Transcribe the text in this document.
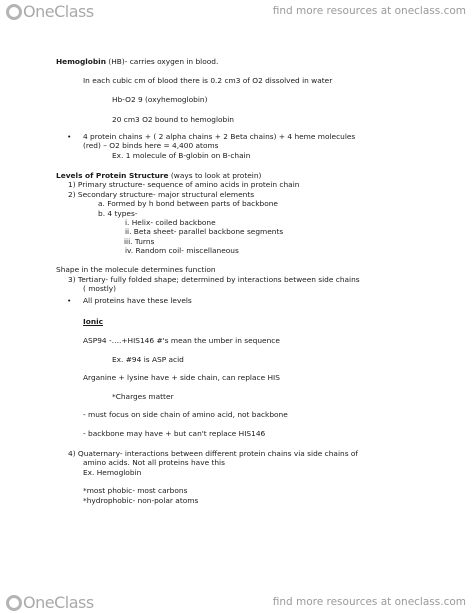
OneClass	find more resources at oneclass.com
Hemoglobin (HB)- carries oxygen in blood.
In each cubic cm of blood there is 0.2 cm3 of O2 dissolved in water
Hb-O2 9 (oxyhemoglobin)
20 cm3 O2 bound to hemoglobin
• 4 protein chains + ( 2 alpha chains + 2 Beta chains) + 4 heme molecules
(red) – O2 binds here = 4,400 atoms
Ex. 1 molecule of B-globin on B-chain
Levels of Protein Structure (ways to look at protein)
1) Primary structure- sequence of amino acids in protein chain
2) Secondary structure- major structural elements
a. Formed by h bond between parts of backbone
b. 4 types-
i. Helix- coiled backbone
ii. Beta sheet- parallel backbone segments
iii. Turns
iv. Random coil- miscellaneous
Shape in the molecule determines function
3) Tertiary- fully folded shape; determined by interactions between side chains
( mostly)
• All proteins have these levels
Ionic
ASP94 -….+HIS146 #'s mean the umber in sequence
Ex. #94 is ASP acid
Arganine + lysine have + side chain, can replace HIS
*Charges matter
- must focus on side chain of amino acid, not backbone
- backbone may have + but can't replace HIS146
4) Quaternary- interactions between different protein chains via side chains of
amino acids. Not all proteins have this
Ex. Hemoglobin
*most phobic- most carbons
*hydrophobic- non-polar atoms
OneClass	find more resources at oneclass.com
